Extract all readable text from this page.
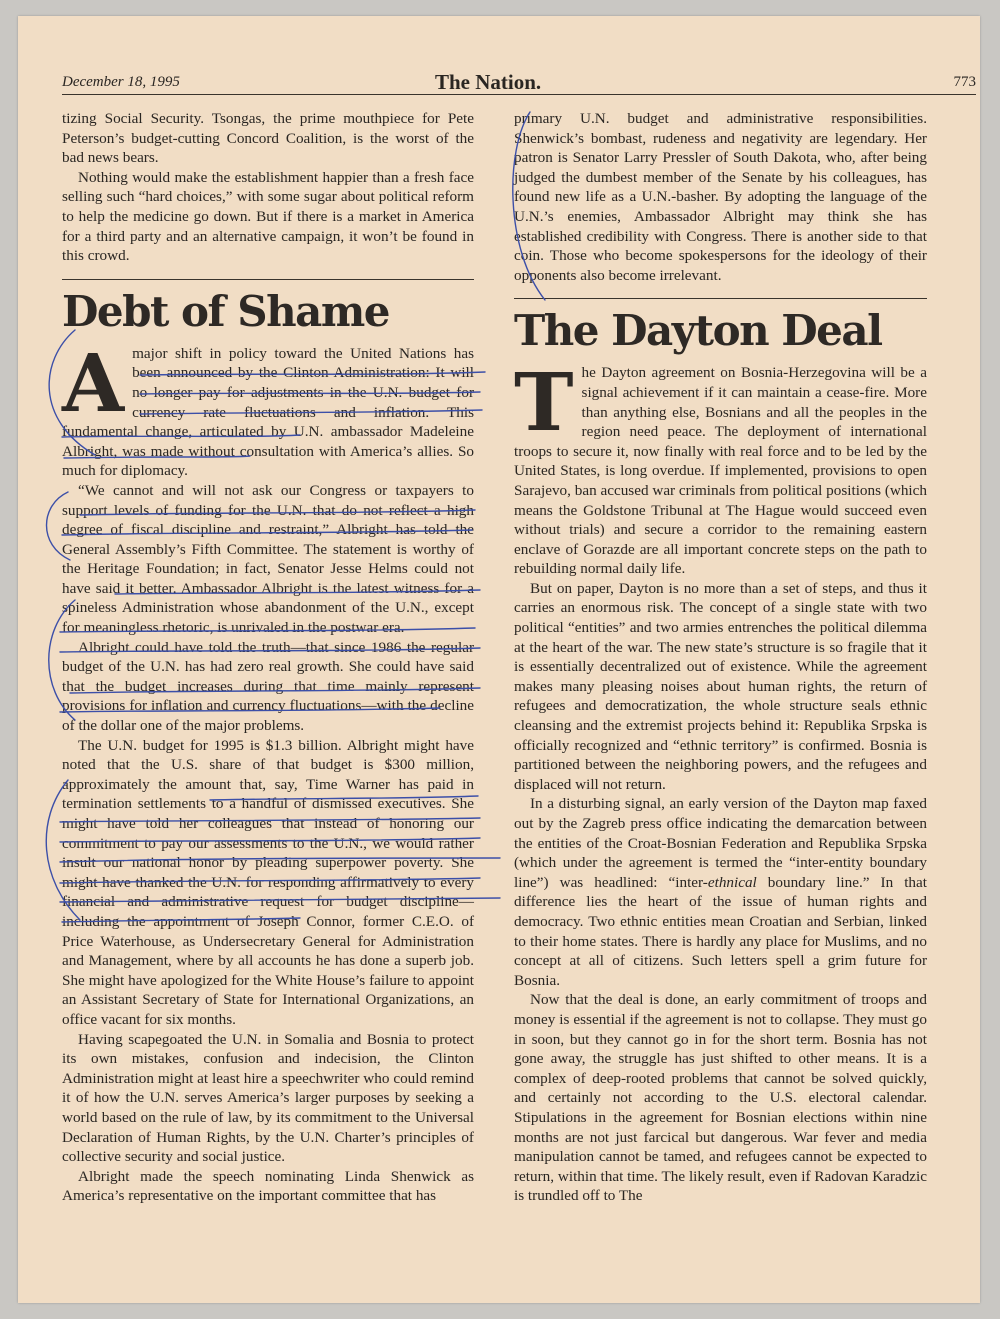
December 18, 1995	The Nation.	773

tizing Social Security. Tsongas, the prime mouthpiece for Pete Peterson’s budget-cutting Concord Coalition, is the worst of the bad news bears.

Nothing would make the establishment happier than a fresh face selling such “hard choices,” with some sugar about political reform to help the medicine go down. But if there is a market in America for a third party and an alternative campaign, it won’t be found in this crowd.

Debt of Shame

Amajor shift in policy toward the United Nations has been announced by the Clinton Administration: It will no longer pay for adjustments in the U.N. budget for currency rate fluctuations and inflation. This fundamental change, articulated by U.N. ambassador Madeleine Albright, was made without consultation with America’s allies. So much for diplomacy.

“We cannot and will not ask our Congress or taxpayers to support levels of funding for the U.N. that do not reflect a high degree of fiscal discipline and restraint,” Albright has told the General Assembly’s Fifth Committee. The statement is worthy of the Heritage Foundation; in fact, Senator Jesse Helms could not have said it better. Ambassador Albright is the latest witness for a spineless Administration whose abandonment of the U.N., except for meaningless rhetoric, is unrivaled in the postwar era.

Albright could have told the truth—that since 1986 the regular budget of the U.N. has had zero real growth. She could have said that the budget increases during that time mainly represent provisions for inflation and currency fluctuations—with the decline of the dollar one of the major problems.

The U.N. budget for 1995 is $1.3 billion. Albright might have noted that the U.S. share of that budget is $300 million, approximately the amount that, say, Time Warner has paid in termination settlements to a handful of dismissed executives. She might have told her colleagues that instead of honoring our commitment to pay our assessments to the U.N., we would rather insult our national honor by pleading superpower poverty. She might have thanked the U.N. for responding affirmatively to every financial and administrative request for budget discipline—including the appointment of Joseph Connor, former C.E.O. of Price Waterhouse, as Undersecretary General for Administration and Management, where by all accounts he has done a superb job. She might have apologized for the White House’s failure to appoint an Assistant Secretary of State for International Organizations, an office vacant for six months.

Having scapegoated the U.N. in Somalia and Bosnia to protect its own mistakes, confusion and indecision, the Clinton Administration might at least hire a speechwriter who could remind it of how the U.N. serves America’s larger purposes by seeking a world based on the rule of law, by its commitment to the Universal Declaration of Human Rights, by the U.N. Charter’s principles of collective security and social justice.

Albright made the speech nominating Linda Shenwick as America’s representative on the important committee that has

primary U.N. budget and administrative responsibilities. Shenwick’s bombast, rudeness and negativity are legendary. Her patron is Senator Larry Pressler of South Dakota, who, after being judged the dumbest member of the Senate by his colleagues, has found new life as a U.N.-basher. By adopting the language of the U.N.’s enemies, Ambassador Albright may think she has established credibility with Congress. There is another side to that coin. Those who become spokespersons for the ideology of their opponents also become irrelevant.

The Dayton Deal

The Dayton agreement on Bosnia-Herzegovina will be a signal achievement if it can maintain a cease-fire. More than anything else, Bosnians and all the peoples in the region need peace. The deployment of international troops to secure it, now finally with real force and to be led by the United States, is long overdue. If implemented, provisions to open Sarajevo, ban accused war criminals from political positions (which means the Goldstone Tribunal at The Hague would succeed even without trials) and secure a corridor to the remaining eastern enclave of Gorazde are all important concrete steps on the path to rebuilding normal daily life.

But on paper, Dayton is no more than a set of steps, and thus it carries an enormous risk. The concept of a single state with two political “entities” and two armies entrenches the political dilemma at the heart of the war. The new state’s structure is so fragile that it is essentially decentralized out of existence. While the agreement makes many pleasing noises about human rights, the return of refugees and democratization, the whole structure seals ethnic cleansing and the extremist projects behind it: Republika Srpska is officially recognized and “ethnic territory” is confirmed. Bosnia is partitioned between the neighboring powers, and the refugees and displaced will not return.

In a disturbing signal, an early version of the Dayton map faxed out by the Zagreb press office indicating the demarcation between the entities of the Croat-Bosnian Federation and Republika Srpska (which under the agreement is termed the “inter-entity boundary line”) was headlined: “inter-ethnical boundary line.” In that difference lies the heart of the issue of human rights and democracy. Two ethnic entities mean Croatian and Serbian, linked to their home states. There is hardly any place for Muslims, and no concept at all of citizens. Such letters spell a grim future for Bosnia.

Now that the deal is done, an early commitment of troops and money is essential if the agreement is not to collapse. They must go in soon, but they cannot go in for the short term. Bosnia has not gone away, the struggle has just shifted to other means. It is a complex of deep-rooted problems that cannot be solved quickly, and certainly not according to the U.S. electoral calendar. Stipulations in the agreement for Bosnian elections within nine months are not just farcical but dangerous. War fever and media manipulation cannot be tamed, and refugees cannot be expected to return, within that time. The likely result, even if Radovan Karadzic is trundled off to The
